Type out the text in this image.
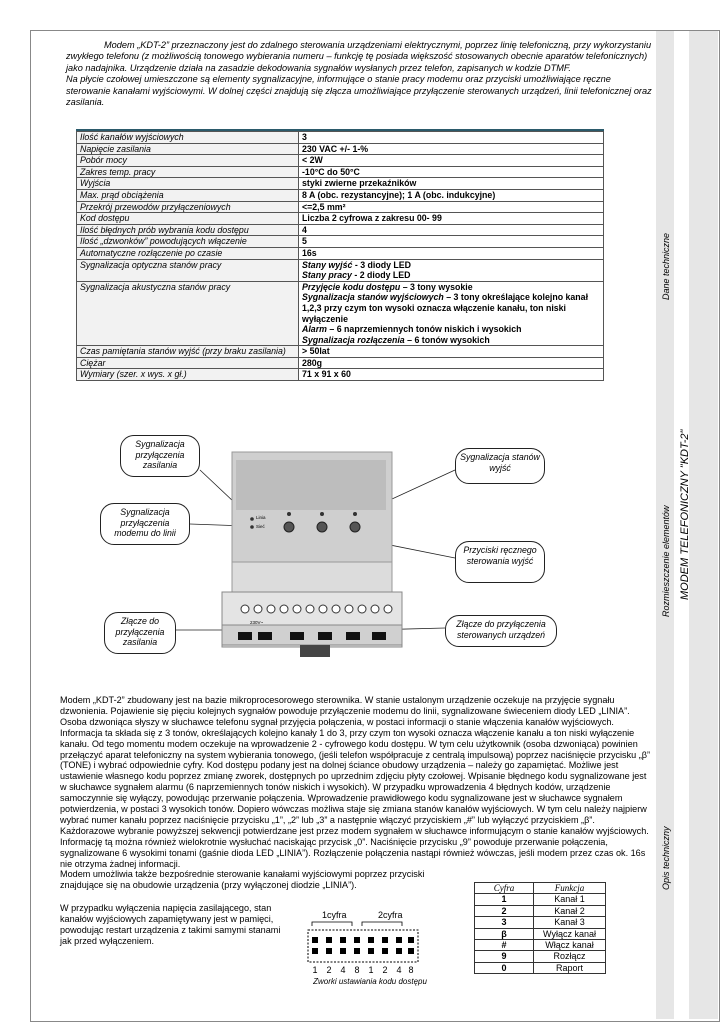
Dane techniczne
Rozmieszczenie elementów MODEM TELEFONICZNY "KDT-2"
Opis techniczny
Modem „KDT-2” przeznaczony jest do zdalnego sterowania urządzeniami elektrycznymi, poprzez linię telefoniczną, przy wykorzystaniu zwykłego telefonu (z możliwością tonowego wybierania numeru – funkcję tę posiada większość stosowanych obecnie aparatów telefonicznych) jako nadajnika. Urządzenie działa na zasadzie dekodowania sygnałów wysłanych przez telefon, zapisanych w kodzie DTMF.
Na płycie czołowej umieszczone są elementy sygnalizacyjne, informujące o stanie pracy modemu oraz przyciski umożliwiające ręczne sterowanie kanałami wyjściowymi. W dolnej części znajdują się złącza umożliwiające przyłączenie sterowanych urządzeń, linii telefonicznej oraz zasilania.
Ilość kanałów wyjściowych	3
Napięcie zasilania	230 VAC +/- 1-%
Pobór mocy	< 2W
Zakres temp. pracy	-10°C do 50°C
Wyjścia	styki zwierne przekaźników
Max. prąd obciążenia	8 A (obc. rezystancyjne); 1 A (obc. indukcyjne)
Przekrój przewodów przyłączeniowych	<=2,5 mm²
Kod dostępu	Liczba 2 cyfrowa z zakresu 00- 99
Ilość błędnych prób wybrania kodu dostępu	4
Ilość „dzwonków” powodujących włączenie	5
Automatyczne rozłączenie po czasie	16s
Sygnalizacja optyczna stanów pracy	Stany wyjść - 3 diody LED
Stany pracy - 2 diody LED
Sygnalizacja akustyczna stanów pracy	Przyjęcie kodu dostępu – 3 tony wysokie
Sygnalizacja stanów wyjściowych – 3 tony określające kolejno kanał 1,2,3 przy czym ton wysoki oznacza włączenie kanału, ton niski wyłączenie
Alarm – 6 naprzemiennych tonów niskich i wysokich
Sygnalizacja rozłączenia – 6 tonów wysokich
Czas pamiętania stanów wyjść (przy braku zasilania)	> 50lat
Ciężar	280g
Wymiary (szer. x wys. x gł.)	71 x 91 x 60
Linia
Sieć
230V~
Sygnalizacja przyłączenia zasilania
Sygnalizacja stanów wyjść
Sygnalizacja przyłączenia modemu do linii
Przyciski ręcznego sterowania wyjść
Złącze do przyłączenia zasilania
Złącze do przyłączenia sterowanych urządzeń
Modem „KDT-2” zbudowany jest na bazie mikroprocesorowego sterownika. W stanie ustalonym urządzenie oczekuje na przyjęcie sygnału dzwonienia. Pojawienie się pięciu kolejnych sygnałów powoduje przyłączenie modemu do linii, sygnalizowane świeceniem diody LED „LINIA”. Osoba dzwoniąca słyszy w słuchawce telefonu sygnał przyjęcia połączenia, w postaci informacji o stanie włączenia kanałów wyjściowych. Informacja ta składa się z 3 tonów, określających kolejno kanały 1 do 3, przy czym ton wysoki oznacza włączenie kanału a ton niski wyłączenie kanału. Od tego momentu modem oczekuje na wprowadzenie 2 - cyfrowego kodu dostępu. W tym celu użytkownik (osoba dzwoniąca) powinien przełączyć aparat telefoniczny na system wybierania tonowego, (jeśli telefon współpracuje z centralą impulsową) poprzez naciśnięcie przycisku „β” (TONE) i wybrać odpowiednie cyfry. Kod dostępu podany jest na dolnej ściance obudowy urządzenia – należy go zapamiętać. Możliwe jest ustawienie własnego kodu poprzez zmianę zworek, dostępnych po uprzednim zdjęciu płyty czołowej. Wpisanie błędnego kodu sygnalizowane jest w słuchawce sygnałem alarmu (6 naprzemiennych tonów niskich i wysokich). W przypadku wprowadzenia 4 błędnych kodów, urządzenie samoczynnie się wyłączy, powodując przerwanie połączenia. Wprowadzenie prawidłowego kodu sygnalizowane jest w słuchawce sygnałem potwierdzenia, w postaci 3 wysokich tonów. Dopiero wówczas możliwa staje się zmiana stanów kanałów wyjściowych. W tym celu należy najpierw wybrać numer kanału poprzez naciśnięcie przycisku „1”, „2” lub „3” a następnie włączyć przyciskiem „#” lub wyłączyć przyciskiem „β”. Każdorazowe wybranie powyższej sekwencji potwierdzane jest przez modem sygnałem w słuchawce informującym o stanie kanałów wyjściowych. Informację tą można również wielokrotnie wysłuchać naciskając przycisk „0”. Naciśnięcie przycisku „9” powoduje przerwanie połączenia, sygnalizowane 6 wysokimi tonami (gaśnie dioda LED „LINIA”). Rozłączenie połączenia nastąpi również wówczas, jeśli modem przez czas ok. 16s nie otrzyma żadnej informacji.
Modem umożliwia także bezpośrednie sterowanie kanałami wyjściowymi poprzez przyciski znajdujące się na obudowie urządzenia (przy wyłączonej diodzie „LINIA”).
W przypadku wyłączenia napięcia zasilającego, stan kanałów wyjściowych zapamiętywany jest w pamięci, powodując restart urządzenia z takimi samymi stanami jak przed wyłączeniem.
Cyfra	Funkcja
1	Kanał 1
2	Kanał 2
3	Kanał 3
β	Wyłącz kanał
#	Włącz kanał
9	Rozłącz
0	Raport
1cyfra	2cyfra
1 2 4 8 1 2 4 8
Zworki ustawiania kodu dostępu
